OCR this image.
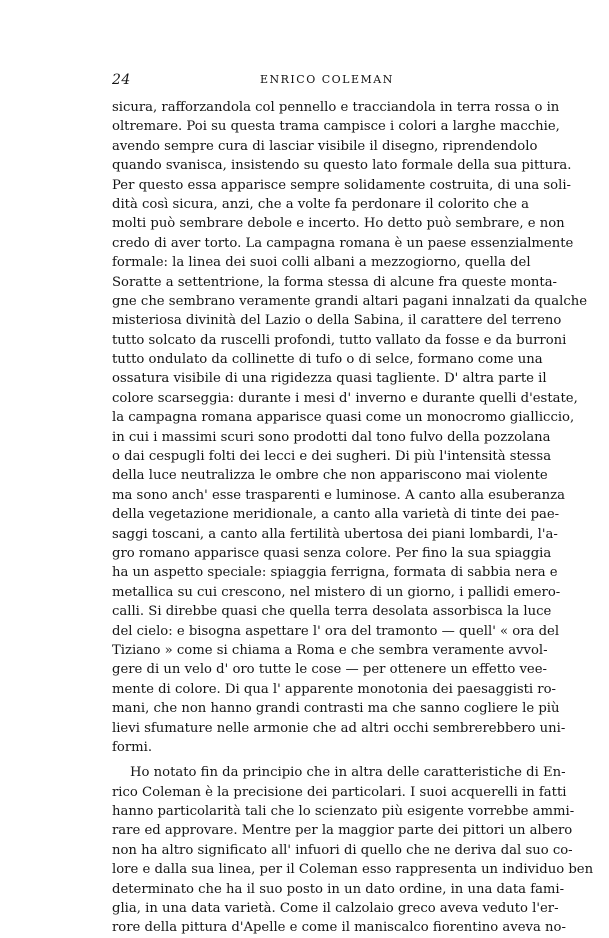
24	ENRICO COLEMAN
sicura, rafforzandola col pennello e tracciandola in terra rossa o in
oltremare. Poi su questa trama campisce i colori a larghe macchie,
avendo sempre cura di lasciar visibile il disegno, riprendendolo
quando svanisca, insistendo su questo lato formale della sua pittura.
Per questo essa apparisce sempre solidamente costruita, di una soli-
dità così sicura, anzi, che a volte fa perdonare il colorito che a
molti può sembrare debole e incerto. Ho detto può sembrare, e non
credo di aver torto. La campagna romana è un paese essenzialmente
formale: la linea dei suoi colli albani a mezzogiorno, quella del
Soratte a settentrione, la forma stessa di alcune fra queste monta-
gne che sembrano veramente grandi altari pagani innalzati da qualche
misteriosa divinità del Lazio o della Sabina, il carattere del terreno
tutto solcato da ruscelli profondi, tutto vallato da fosse e da burroni
tutto ondulato da collinette di tufo o di selce, formano come una
ossatura visibile di una rigidezza quasi tagliente. D' altra parte il
colore scarseggia: durante i mesi d' inverno e durante quelli d'estate,
la campagna romana apparisce quasi come un monocromo gialliccio,
in cui i massimi scuri sono prodotti dal tono fulvo della pozzolana
o dai cespugli folti dei lecci e dei sugheri. Di più l'intensità stessa
della luce neutralizza le ombre che non appariscono mai violente
ma sono anch' esse trasparenti e luminose. A canto alla esuberanza
della vegetazione meridionale, a canto alla varietà di tinte dei pae-
saggi toscani, a canto alla fertilità ubertosa dei piani lombardi, l'a-
gro romano apparisce quasi senza colore. Per fino la sua spiaggia
ha un aspetto speciale: spiaggia ferrigna, formata di sabbia nera e
metallica su cui crescono, nel mistero di un giorno, i pallidi emero-
calli. Si direbbe quasi che quella terra desolata assorbisca la luce
del cielo: e bisogna aspettare l' ora del tramonto — quell' « ora del
Tiziano » come si chiama a Roma e che sembra veramente avvol-
gere di un velo d' oro tutte le cose — per ottenere un effetto vee-
mente di colore. Di qua l' apparente monotonia dei paesaggisti ro-
mani, che non hanno grandi contrasti ma che sanno cogliere le più
lievi sfumature nelle armonie che ad altri occhi sembrerebbero uni-
formi.
Ho notato fin da principio che in altra delle caratteristiche di En-
rico Coleman è la precisione dei particolari. I suoi acquerelli in fatti
hanno particolarità tali che lo scienzato più esigente vorrebbe ammi-
rare ed approvare. Mentre per la maggior parte dei pittori un albero
non ha altro significato all' infuori di quello che ne deriva dal suo co-
lore e dalla sua linea, per il Coleman esso rappresenta un individuo ben
determinato che ha il suo posto in un dato ordine, in una data fami-
glia, in una data varietà. Come il calzolaio greco aveva veduto l'er-
rore della pittura d'Apelle e come il maniscalco fiorentino aveva no-
